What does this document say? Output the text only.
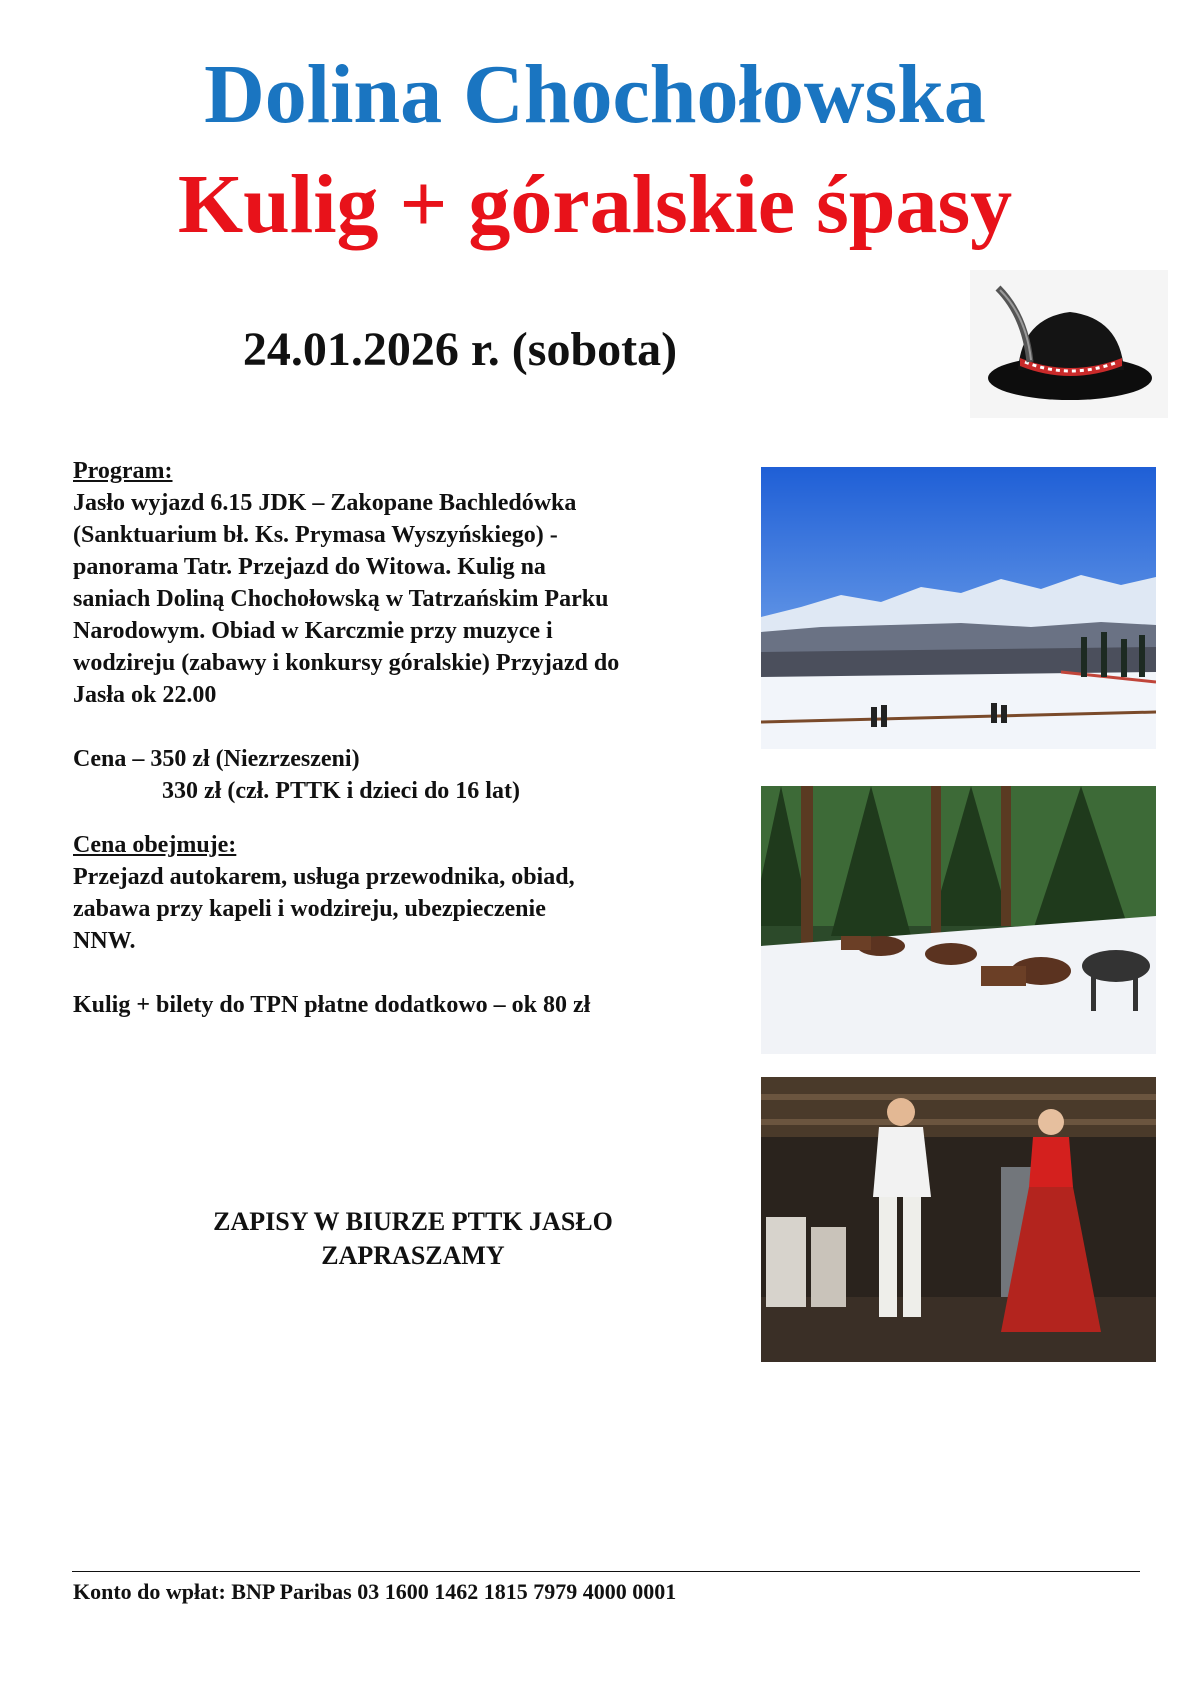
Dolina Chochołowska
Kulig + góralskie śpasy
24.01.2026 r. (sobota)
Program:
Jasło wyjazd 6.15 JDK – Zakopane Bachledówka
(Sanktuarium bł. Ks. Prymasa Wyszyńskiego) -
panorama Tatr. Przejazd do Witowa. Kulig na
saniach Doliną Chochołowską w Tatrzańskim Parku
Narodowym. Obiad w Karczmie przy muzyce i
wodzireju (zabawy i konkursy góralskie) Przyjazd do
Jasła ok 22.00
Cena – 350 zł (Niezrzeszeni)
330 zł (czł. PTTK i dzieci do 16 lat)
Cena obejmuje:
Przejazd autokarem, usługa przewodnika, obiad,
zabawa przy kapeli i wodzireju, ubezpieczenie
NNW.
Kulig + bilety do TPN płatne dodatkowo – ok 80 zł
ZAPISY W BIURZE PTTK JASŁO
ZAPRASZAMY
Konto do wpłat: BNP Paribas 03 1600 1462 1815 7979 4000 0001
